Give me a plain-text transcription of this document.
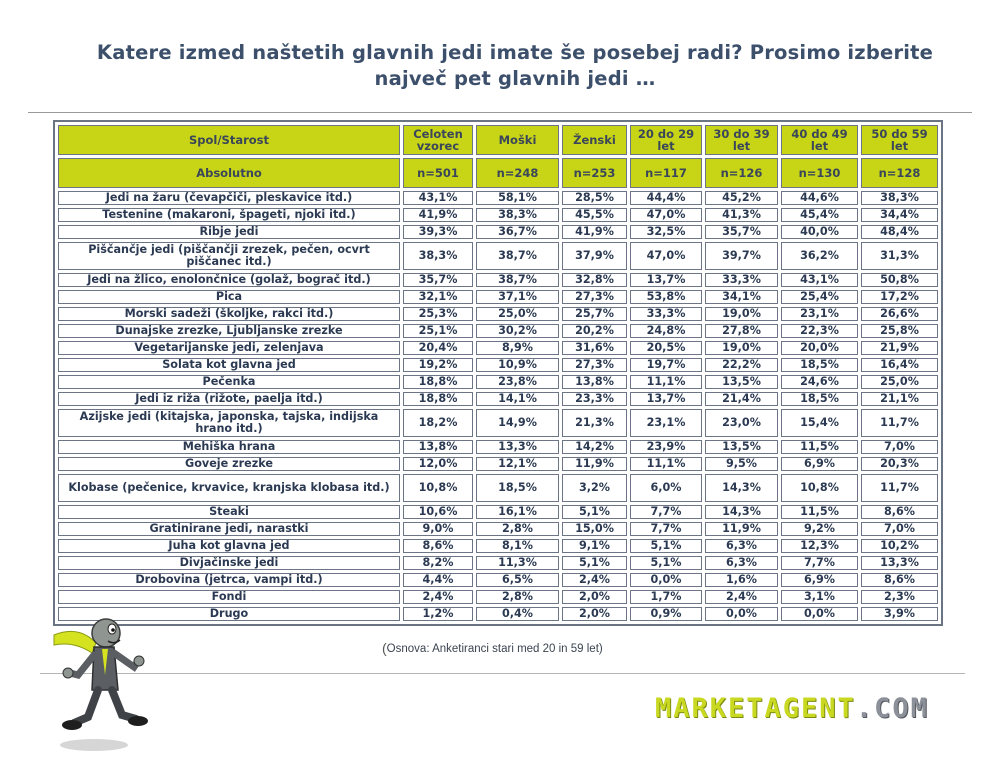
Katere izmed naštetih glavnih jedi imate še posebej radi? Prosimo izberite
največ pet glavnih jedi …
Spol/Starost	Celoten vzorec	Moški	Ženski	20 do 29 let	30 do 39 let	40 do 49 let	50 do 59 let
Absolutno	n=501	n=248	n=253	n=117	n=126	n=130	n=128
Jedi na žaru (čevapčiči, pleskavice itd.)	43,1%	58,1%	28,5%	44,4%	45,2%	44,6%	38,3%
Testenine (makaroni, špageti, njoki itd.)	41,9%	38,3%	45,5%	47,0%	41,3%	45,4%	34,4%
Ribje jedi	39,3%	36,7%	41,9%	32,5%	35,7%	40,0%	48,4%
Piščančje jedi (piščančji zrezek, pečen, ocvrt piščanec itd.)	38,3%	38,7%	37,9%	47,0%	39,7%	36,2%	31,3%
Jedi na žlico, enolončnice (golaž, bograč itd.)	35,7%	38,7%	32,8%	13,7%	33,3%	43,1%	50,8%
Pica	32,1%	37,1%	27,3%	53,8%	34,1%	25,4%	17,2%
Morski sadeži (školjke, rakci itd.)	25,3%	25,0%	25,7%	33,3%	19,0%	23,1%	26,6%
Dunajske zrezke, Ljubljanske zrezke	25,1%	30,2%	20,2%	24,8%	27,8%	22,3%	25,8%
Vegetarijanske jedi, zelenjava	20,4%	8,9%	31,6%	20,5%	19,0%	20,0%	21,9%
Solata kot glavna jed	19,2%	10,9%	27,3%	19,7%	22,2%	18,5%	16,4%
Pečenka	18,8%	23,8%	13,8%	11,1%	13,5%	24,6%	25,0%
Jedi iz riža (rižote, paelja itd.)	18,8%	14,1%	23,3%	13,7%	21,4%	18,5%	21,1%
Azijske jedi (kitajska, japonska, tajska, indijska hrano itd.)	18,2%	14,9%	21,3%	23,1%	23,0%	15,4%	11,7%
Mehiška hrana	13,8%	13,3%	14,2%	23,9%	13,5%	11,5%	7,0%
Goveje zrezke	12,0%	12,1%	11,9%	11,1%	9,5%	6,9%	20,3%
Klobase (pečenice, krvavice, kranjska klobasa itd.)	10,8%	18,5%	3,2%	6,0%	14,3%	10,8%	11,7%
Steaki	10,6%	16,1%	5,1%	7,7%	14,3%	11,5%	8,6%
Gratinirane jedi, narastki	9,0%	2,8%	15,0%	7,7%	11,9%	9,2%	7,0%
Juha kot glavna jed	8,6%	8,1%	9,1%	5,1%	6,3%	12,3%	10,2%
Divjačinske jedi	8,2%	11,3%	5,1%	5,1%	6,3%	7,7%	13,3%
Drobovina (jetrca, vampi itd.)	4,4%	6,5%	2,4%	0,0%	1,6%	6,9%	8,6%
Fondi	2,4%	2,8%	2,0%	1,7%	2,4%	3,1%	2,3%
Drugo	1,2%	0,4%	2,0%	0,9%	0,0%	0,0%	3,9%
(Osnova: Anketiranci stari med 20 in 59 let)
MARKETAGENT.COM
